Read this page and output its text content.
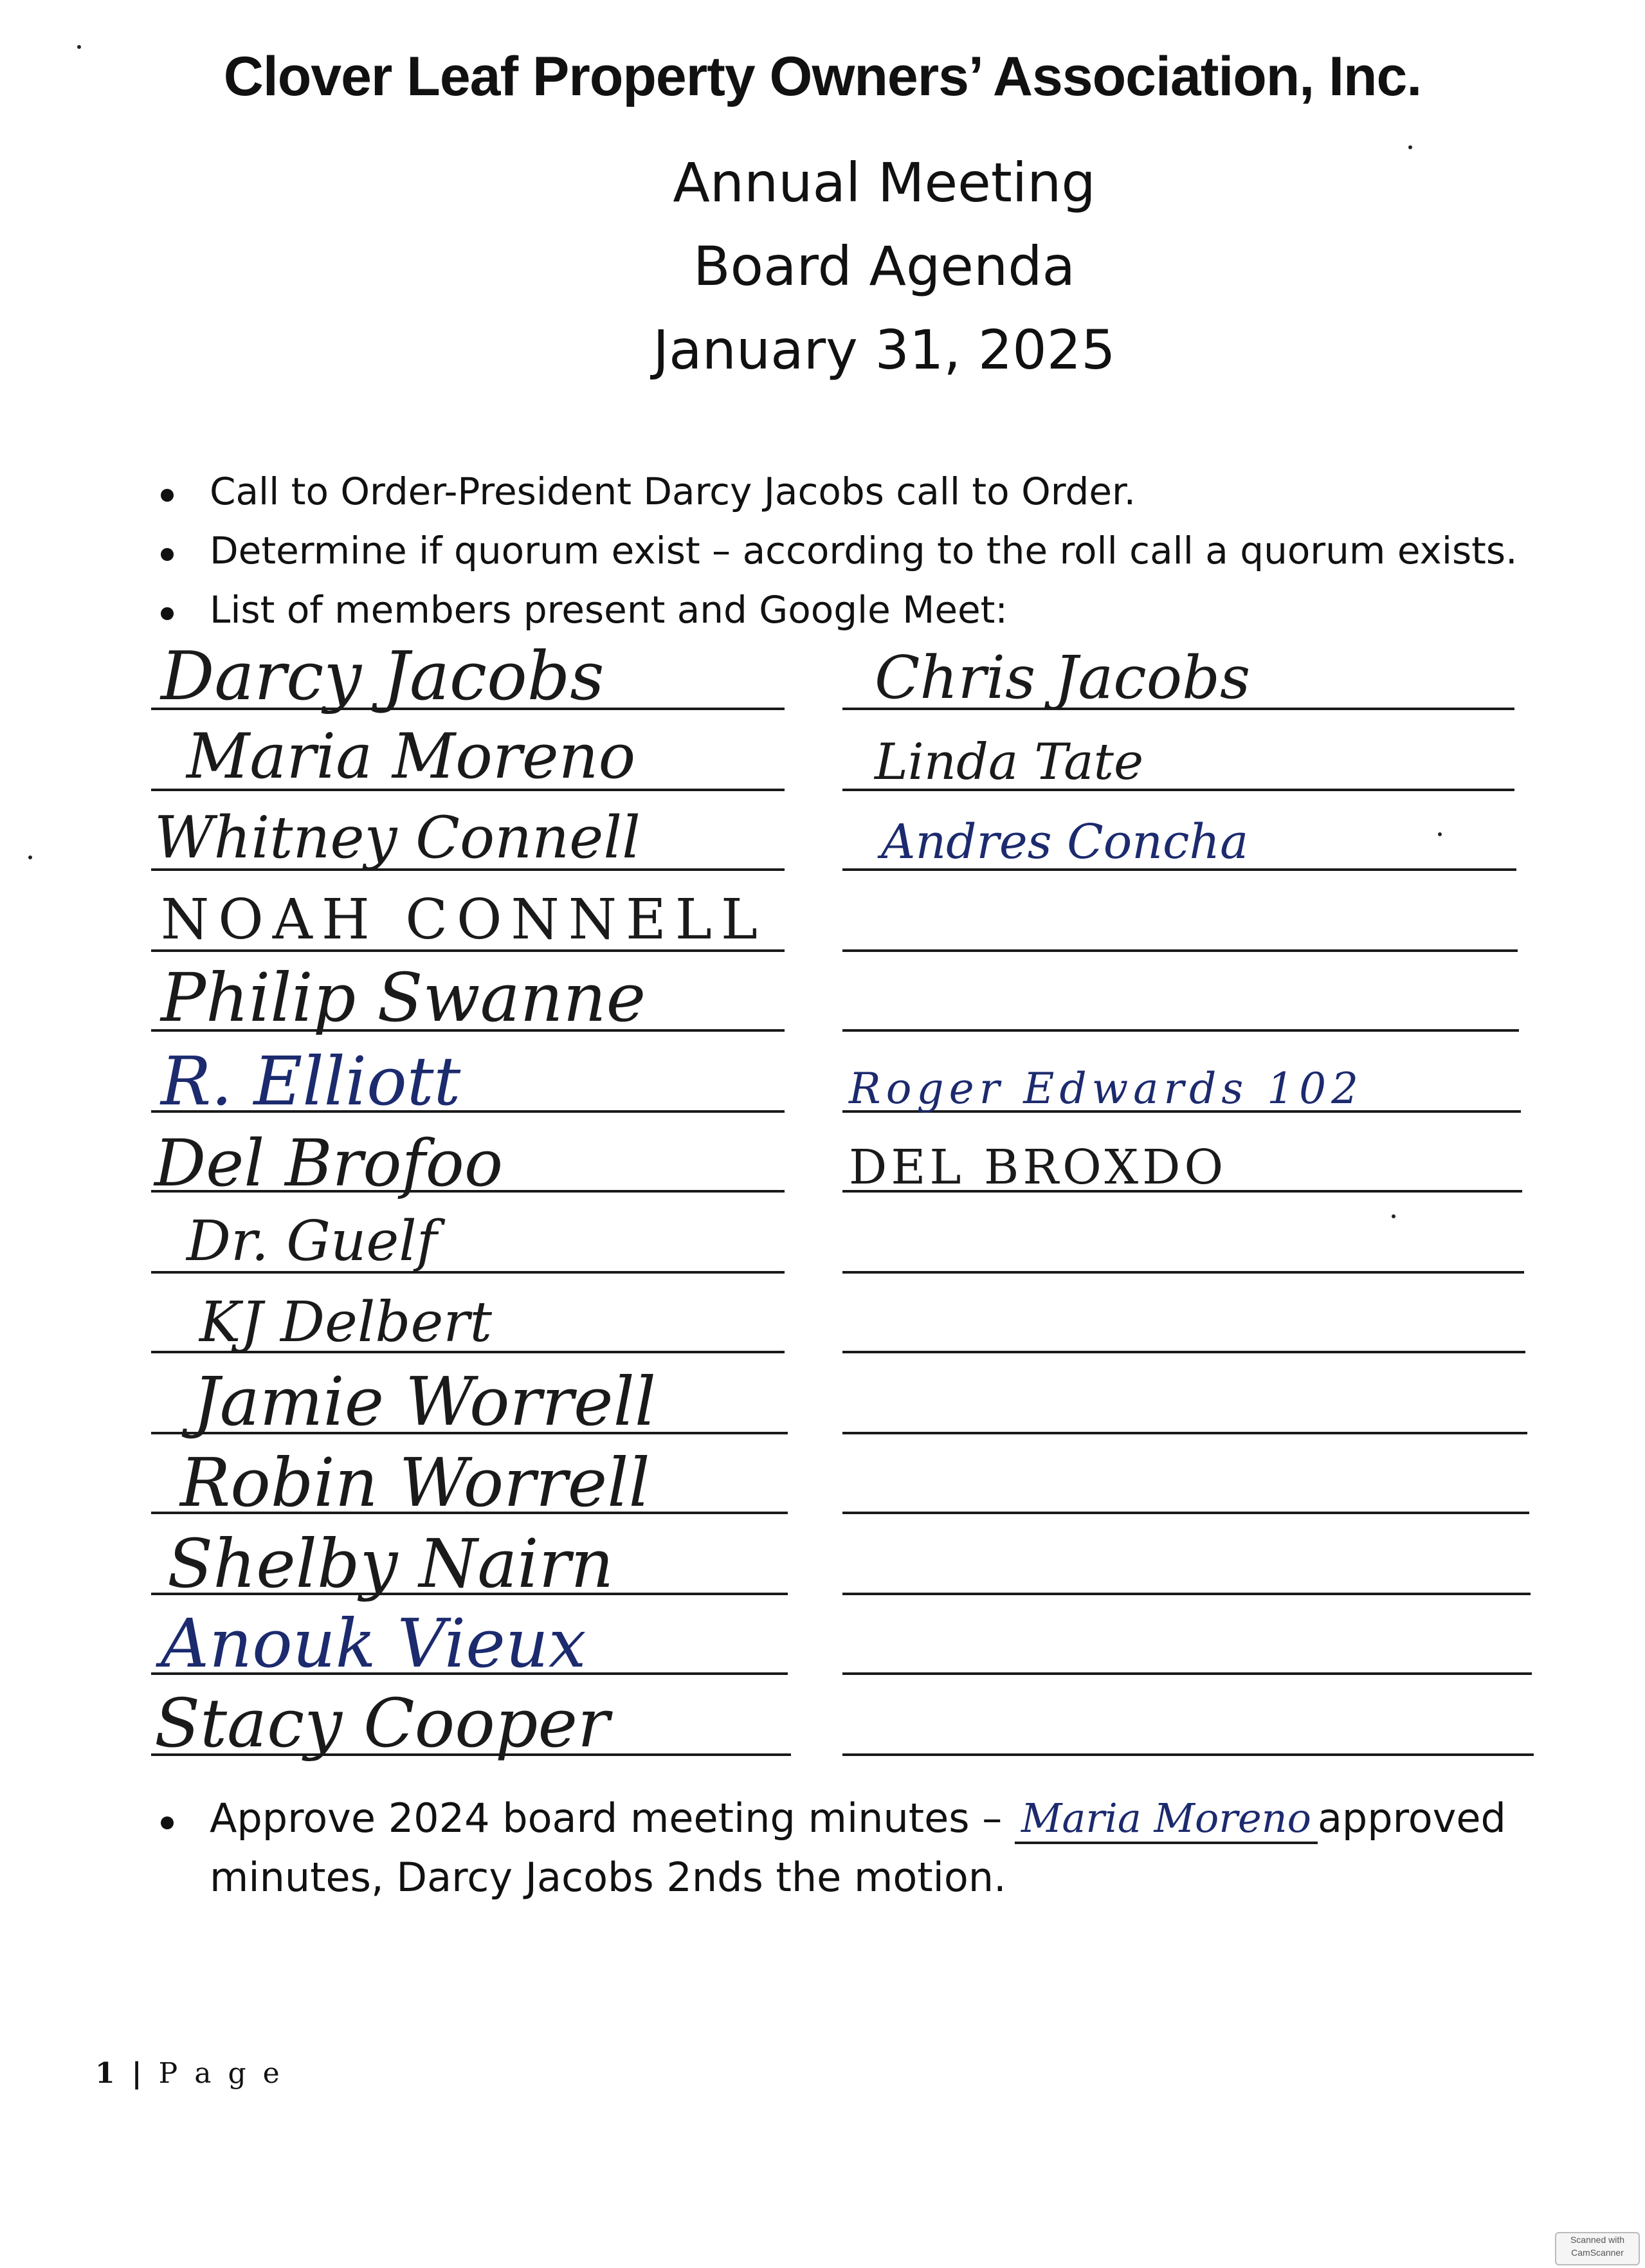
Clover Leaf Property Owners’ Association, Inc.
Annual Meeting
Board Agenda
January 31, 2025
Call to Order-President Darcy Jacobs call to Order.
Determine if quorum exist – according to the roll call a quorum exists.
List of members present and Google Meet:
Darcy Jacobs
Maria Moreno
Whitney Connell
NOAH CONNELL
Philip Swanne
R. Elliott
Del Brofoo
Dr. Guelf
KJ Delbert
Jamie Worrell
Robin Worrell
Shelby Nairn
Anouk Vieux
Stacy Cooper
Chris Jacobs
Linda Tate
Andres Concha
Roger Edwards 102
DEL BROXDO
Approve 2024 board meeting minutes – Maria Moreno approved
minutes, Darcy Jacobs 2nds the motion.
1 | P a g e
Scanned with
CamScanner
